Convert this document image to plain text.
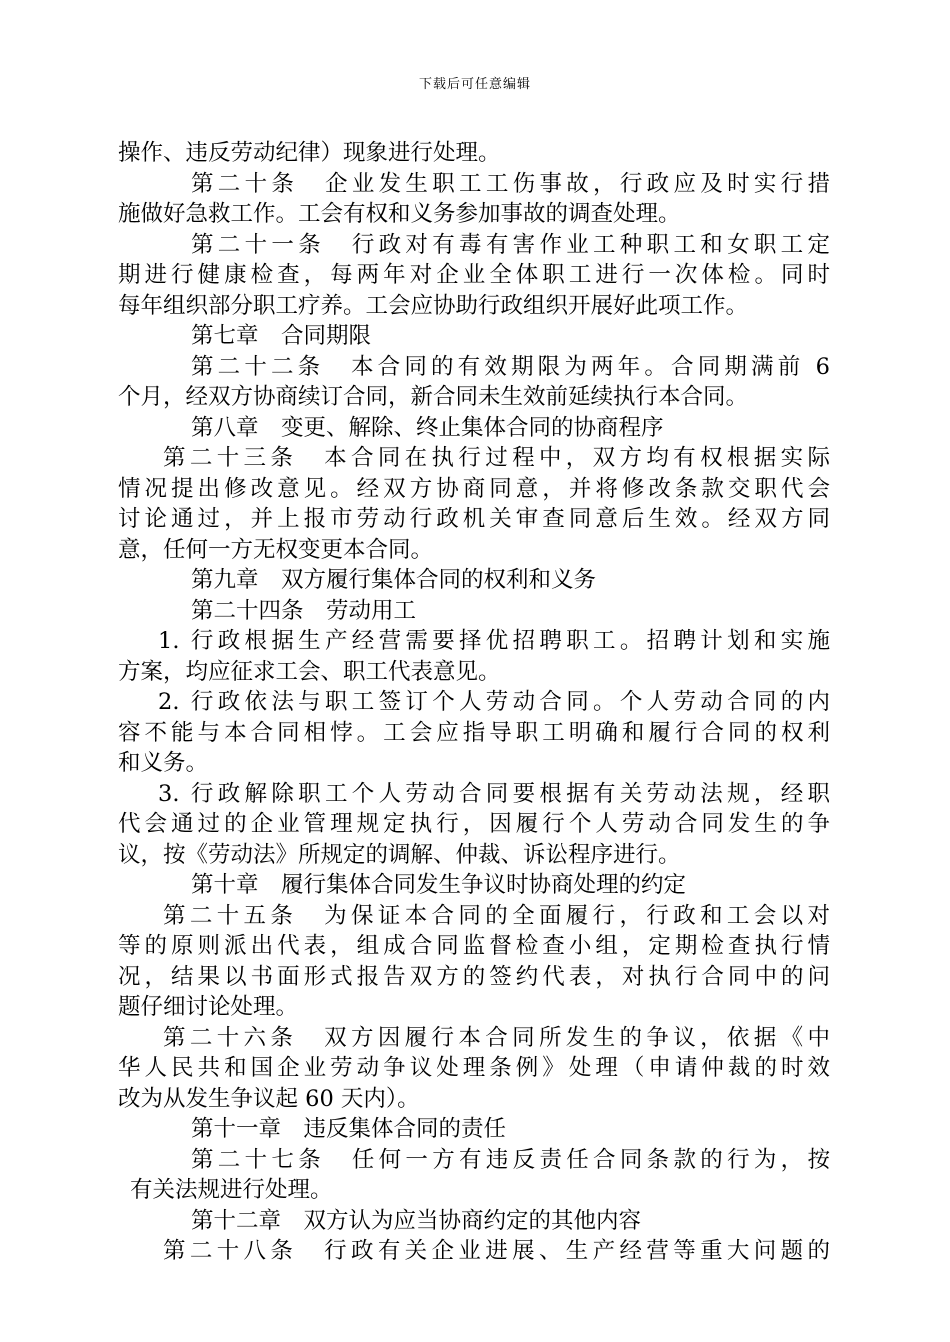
下载后可任意编辑
操作、违反劳动纪律）现象进行处理。
第二十条　企业发生职工工伤事故，行政应及时实行措
施做好急救工作。工会有权和义务参加事故的调查处理。
第二十一条　行政对有毒有害作业工种职工和女职工定
期进行健康检查，每两年对企业全体职工进行一次体检。同时
每年组织部分职工疗养。工会应协助行政组织开展好此项工作。
第七章　合同期限
第二十二条　本合同的有效期限为两年。合同期满前 6
个月，经双方协商续订合同，新合同未生效前延续执行本合同。
第八章　变更、解除、终止集体合同的协商程序
第二十三条　本合同在执行过程中，双方均有权根据实际
情况提出修改意见。经双方协商同意，并将修改条款交职代会
讨论通过，并上报市劳动行政机关审查同意后生效。经双方同
意，任何一方无权变更本合同。
第九章　双方履行集体合同的权利和义务
第二十四条　劳动用工
1. 行政根据生产经营需要择优招聘职工。招聘计划和实施
方案，均应征求工会、职工代表意见。
2. 行政依法与职工签订个人劳动合同。个人劳动合同的内
容不能与本合同相悖。工会应指导职工明确和履行合同的权利
和义务。
3. 行政解除职工个人劳动合同要根据有关劳动法规，经职
代会通过的企业管理规定执行，因履行个人劳动合同发生的争
议，按《劳动法》所规定的调解、仲裁、诉讼程序进行。
第十章　履行集体合同发生争议时协商处理的约定
第二十五条　为保证本合同的全面履行，行政和工会以对
等的原则派出代表，组成合同监督检查小组，定期检查执行情
况，结果以书面形式报告双方的签约代表，对执行合同中的问
题仔细讨论处理。
第二十六条　双方因履行本合同所发生的争议，依据《中
华人民共和国企业劳动争议处理条例》处理（申请仲裁的时效
改为从发生争议起 60 天内）。
第十一章　违反集体合同的责任
第二十七条　任何一方有违反责任合同条款的行为，按
有关法规进行处理。
第十二章　双方认为应当协商约定的其他内容
第二十八条　行政有关企业进展、生产经营等重大问题的
